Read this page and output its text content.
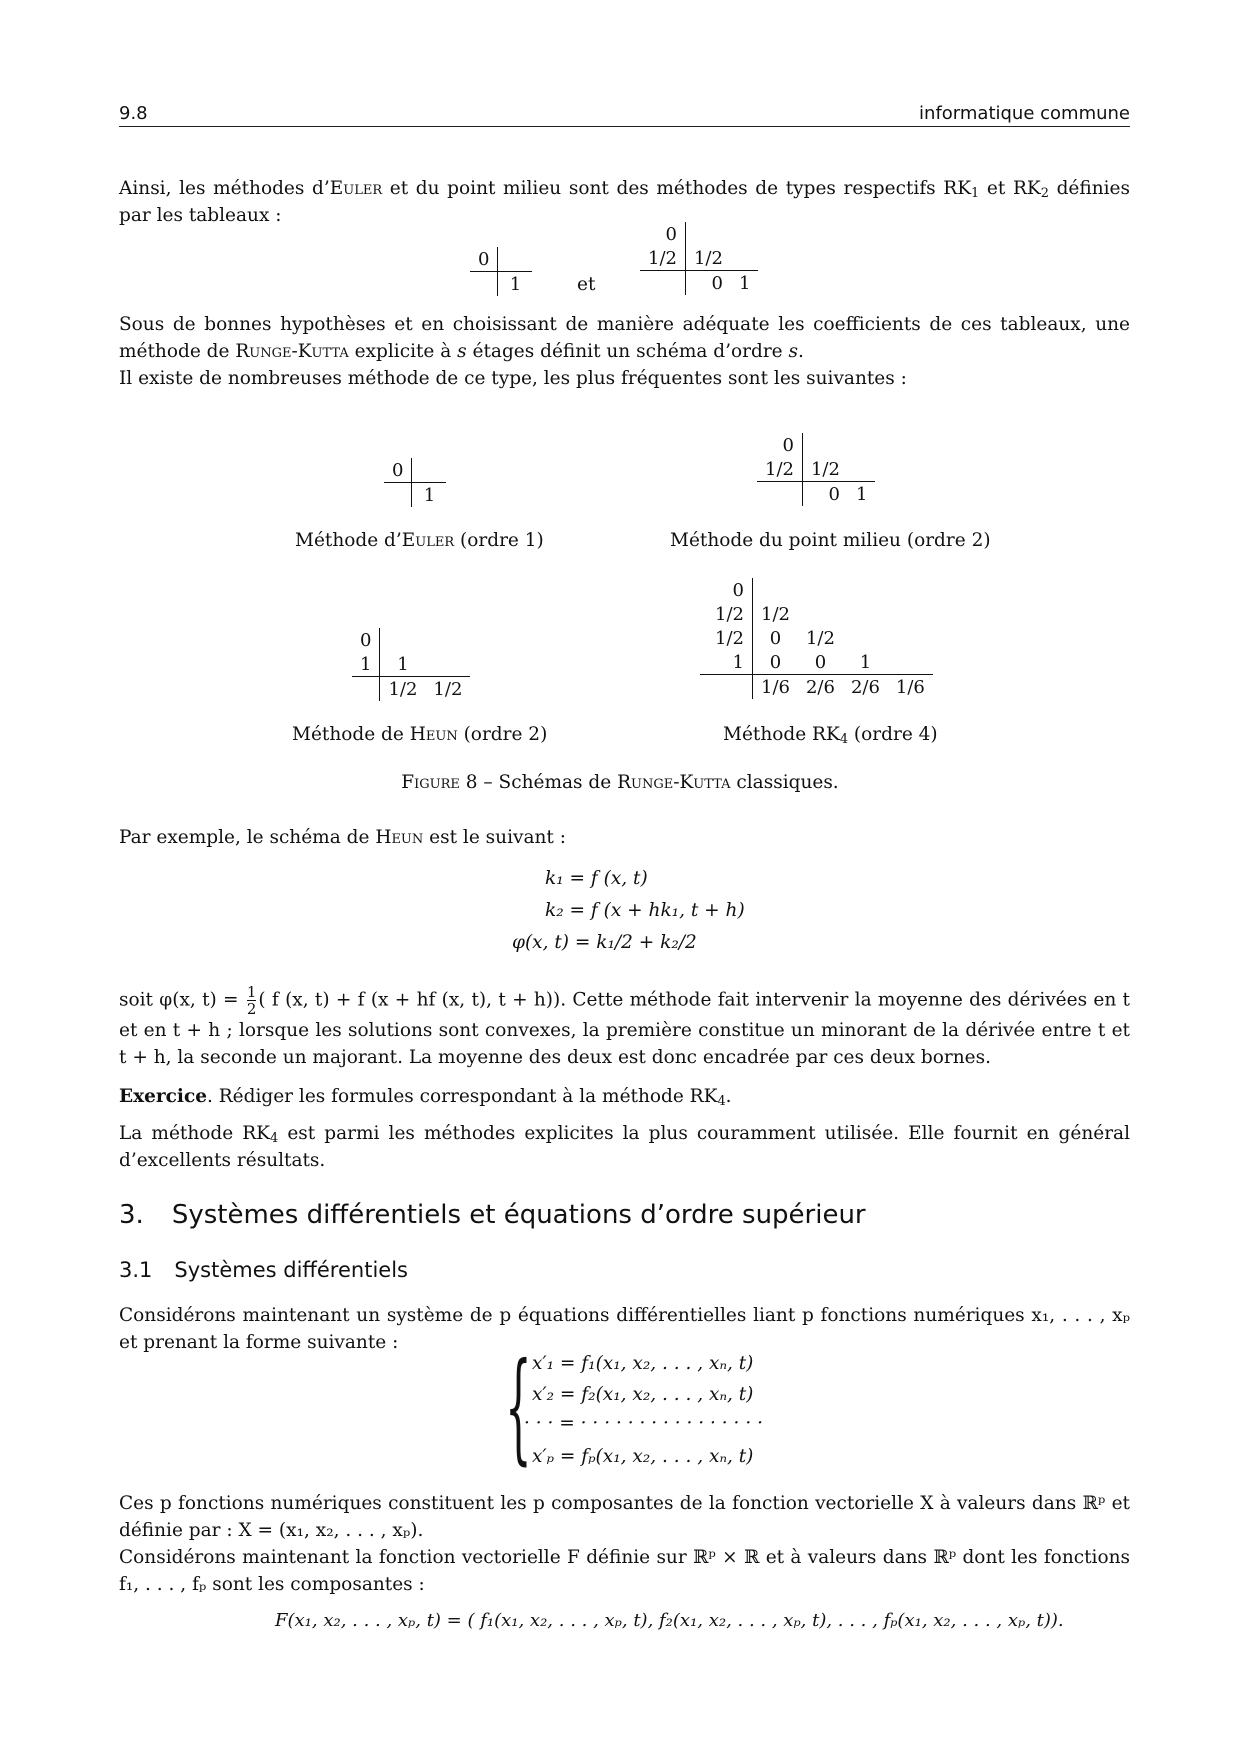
9.8	informatique commune
Ainsi, les méthodes d’Euler et du point milieu sont des méthodes de types respectifs $RK_1$ et $RK_2$ définies par les tableaux :
0	
	1	et
0		
1/2	1/2	
	0	1
Sous de bonnes hypothèses et en choisissant de manière adéquate les coefficients de ces tableaux, une méthode de Runge-Kutta explicite à s étages définit un schéma d’ordre s.
Il existe de nombreuses méthode de ce type, les plus fréquentes sont les suivantes :
0	
	1
Méthode d’Euler (ordre 1)
0		
1/2	1/2	
	0	1
Méthode du point milieu (ordre 2)
0		
1	1	
	1/2	1/2
Méthode de Heun (ordre 2)
0				
1/2	1/2			
1/2	0	1/2		
1	0	0	1	
	1/6	2/6	2/6	1/6
Méthode $RK_4$ (ordre 4)
Figure 8 – Schémas de Runge-Kutta classiques.
Par exemple, le schéma de Heun est le suivant :
k₁ = f (x, t)
k₂ = f (x + hk₁, t + h)
φ(x, t) = k₁/2 + k₂/2
soit φ(x, $t) = \frac{1}{2}$ ( f (x, t) + f (x + hf (x, t), t + h)). Cette méthode fait intervenir la moyenne des dérivées en t et en t + h ; lorsque les solutions sont convexes, la première constitue un minorant de la dérivée entre t et t + h, la seconde un majorant. La moyenne des deux est donc encadrée par ces deux bornes.
Exercice. Rédiger les formules correspondant à la méthode $RK_4$.
La méthode $RK_4$ est parmi les méthodes explicites la plus couramment utilisée. Elle fournit en général d’excellents résultats.
3. Systèmes différentiels et équations d’ordre supérieur
3.1 Systèmes différentiels
Considérons maintenant un système de p équations différentielles liant p fonctions numériques x₁, . . . , xₚ et prenant la forme suivante : { x′₁ = f₁(x₁, x₂, . . . , xₙ, t)
x′₂ = f₂(x₁, x₂, . . . , xₙ, t)
· · · = · · · · · · · · · · · · · · · ·
x′ₚ = fₚ(x₁, x₂, . . . , xₙ, t)
Ces p fonctions numériques constituent les p composantes de la fonction vectorielle X à valeurs dans ℝᵖ et définie par : X = (x₁, x₂, . . . , xₚ).
Considérons maintenant la fonction vectorielle F définie sur ℝᵖ × ℝ et à valeurs dans ℝᵖ dont les fonctions f₁, . . . , fₚ sont les composantes :
F(x₁, x₂, . . . , xₚ, t) = ( f₁(x₁, x₂, . . . , xₚ, t), f₂(x₁, x₂, . . . , xₚ, t), . . . , fₚ(x₁, x₂, . . . , xₚ, t)).
